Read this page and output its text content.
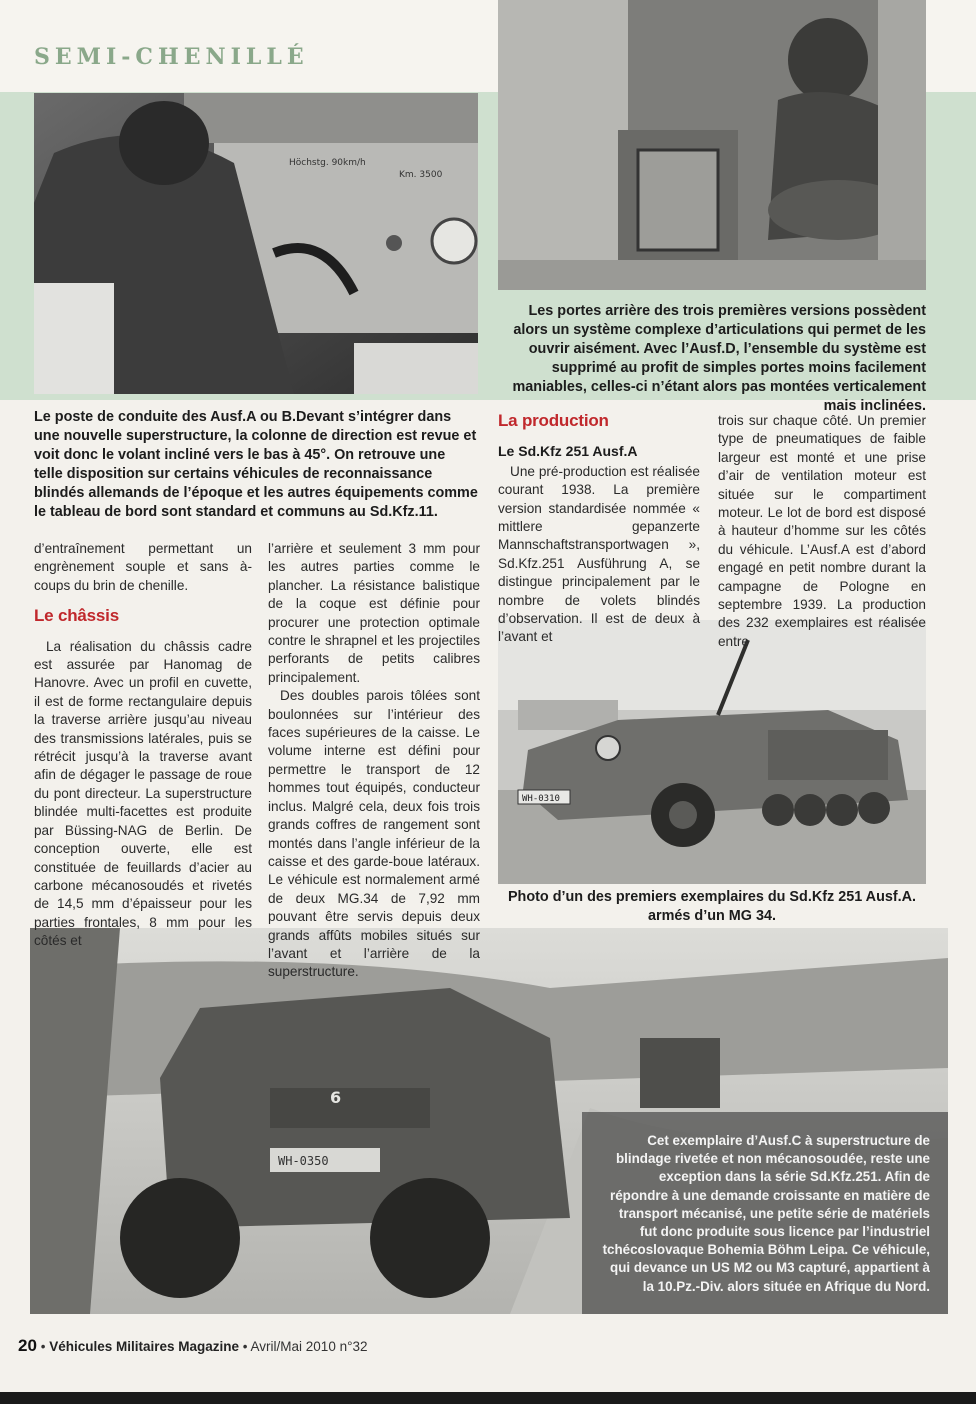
SEMI-CHENILLÉ
Höchstg. 90km/h
Km. 3500
WH-0310
WH-0350
6
Les portes arrière des trois premières versions possèdent alors un système complexe d’articulations qui permet de les ouvrir aisément. Avec l’Ausf.D, l’ensemble du système est supprimé au profit de simples portes moins facilement maniables, celles-ci n’étant alors pas montées verticalement mais inclinées.
Le poste de conduite des Ausf.A ou B.Devant s’intégrer dans une nouvelle superstructure, la colonne de direction est revue et voit donc le volant incliné vers le bas à 45°. On retrouve une telle disposition sur certains véhicules de reconnaissance blindés allemands de l’époque et les autres équipements comme le tableau de bord sont standard et communs au Sd.Kfz.11.
Photo d’un des premiers exemplaires du Sd.Kfz 251 Ausf.A. armés d’un MG 34.

d’entraînement permettant un engrènement souple et sans à-coups du brin de chenille.

Le châssis

La réalisation du châssis cadre est assurée par Hanomag de Hanovre. Avec un profil en cuvette, il est de forme rectangulaire depuis la traverse arrière jusqu’au niveau des transmissions latérales, puis se rétrécit jusqu’à la traverse avant afin de dégager le passage de roue du pont directeur. La superstructure blindée multi-facettes est produite par Büssing-NAG de Berlin. De conception ouverte, elle est constituée de feuillards d’acier au carbone mécanosoudés et rivetés de 14,5 mm d’épaisseur pour les parties frontales, 8 mm pour les côtés et

l’arrière et seulement 3 mm pour les autres parties comme le plancher. La résistance balistique de la coque est définie pour procurer une protection optimale contre le shrapnel et les projectiles perforants de petits calibres principalement.

Des doubles parois tôlées sont boulonnées sur l’intérieur des faces supérieures de la caisse. Le volume interne est défini pour permettre le transport de 12 hommes tout équipés, conducteur inclus. Malgré cela, deux fois trois grands coffres de rangement sont montés dans l’angle inférieur de la caisse et des garde-boue latéraux. Le véhicule est normalement armé de deux MG.34 de 7,92 mm pouvant être servis depuis deux grands affûts mobiles situés sur l’avant et l’arrière de la superstructure.

La production
Le Sd.Kfz 251 Ausf.A

Une pré-production est réalisée courant 1938. La première version standardisée nommée « mittlere gepanzerte Mannschaftstransportwagen », Sd.Kfz.251 Ausführung A, se distingue principalement par le nombre de volets blindés d’observation. Il est de deux à l’avant et

trois sur chaque côté. Un premier type de pneumatiques de faible largeur est monté et une prise d’air de ventilation moteur est située sur le compartiment moteur. Le lot de bord est disposé à hauteur d’homme sur les côtés du véhicule. L’Ausf.A est d’abord engagé en petit nombre durant la campagne de Pologne en septembre 1939. La production des 232 exemplaires est réalisée entre

Cet exemplaire d’Ausf.C à superstructure de blindage rivetée et non mécanosoudée, reste une exception dans la série Sd.Kfz.251. Afin de répondre à une demande croissante en matière de transport mécanisé, une petite série de matériels fut donc produite sous licence par l’industriel tchécoslovaque Bohemia Böhm Leipa. Ce véhicule, qui devance un US M2 ou M3 capturé, appartient à la 10.Pz.-Div. alors située en Afrique du Nord.
20 • Véhicules Militaires Magazine • Avril/Mai 2010 n°32
